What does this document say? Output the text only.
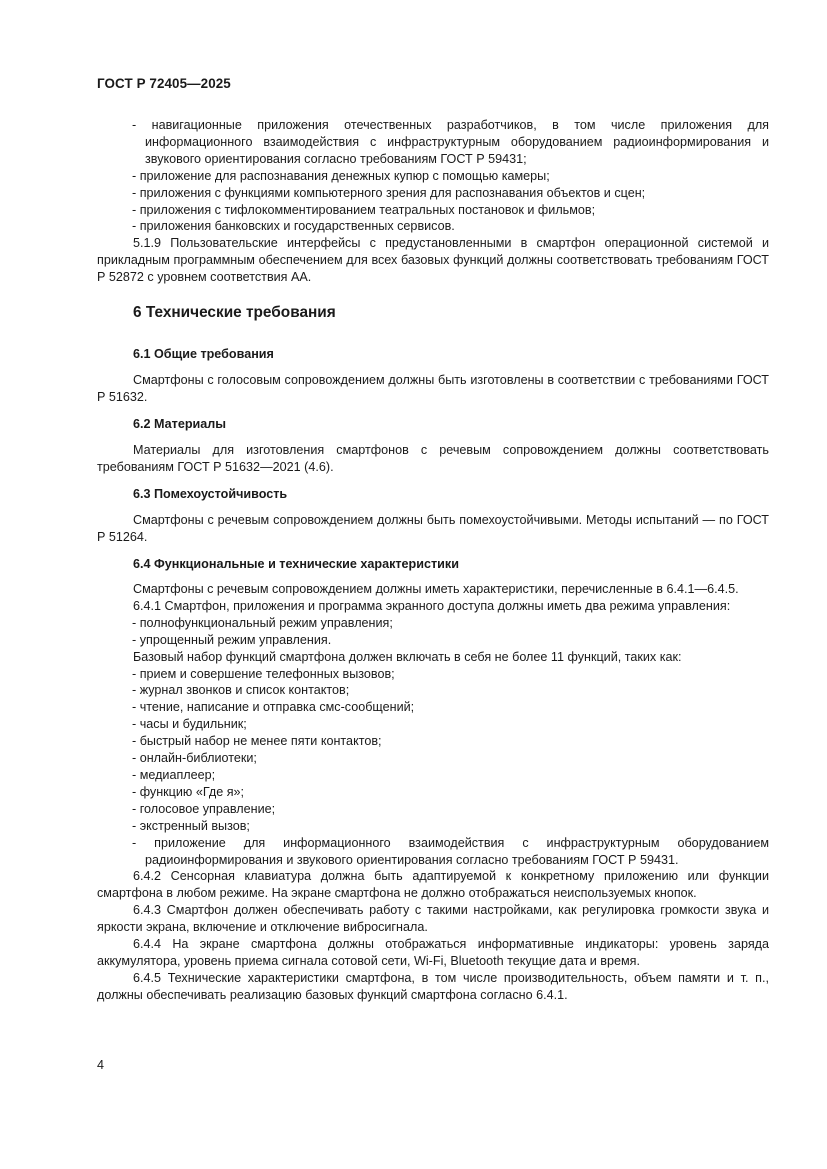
ГОСТ Р 72405—2025
- навигационные приложения отечественных разработчиков, в том числе приложения для информационного взаимодействия с инфраструктурным оборудованием радиоинформирования и звукового ориентирования согласно требованиям ГОСТ Р 59431;
- приложение для распознавания денежных купюр с помощью камеры;
- приложения с функциями компьютерного зрения для распознавания объектов и сцен;
- приложения с тифлокомментированием театральных постановок и фильмов;
- приложения банковских и государственных сервисов.
5.1.9 Пользовательские интерфейсы с предустановленными в смартфон операционной системой и прикладным программным обеспечением для всех базовых функций должны соответствовать требованиям ГОСТ Р 52872 с уровнем соответствия АА.
6 Технические требования
6.1 Общие требования
Смартфоны с голосовым сопровождением должны быть изготовлены в соответствии с требованиями ГОСТ Р 51632.
6.2 Материалы
Материалы для изготовления смартфонов с речевым сопровождением должны соответствовать требованиям ГОСТ Р 51632—2021 (4.6).
6.3 Помехоустойчивость
Смартфоны с речевым сопровождением должны быть помехоустойчивыми. Методы испытаний — по ГОСТ Р 51264.
6.4 Функциональные и технические характеристики
Смартфоны с речевым сопровождением должны иметь характеристики, перечисленные в 6.4.1—6.4.5.
6.4.1 Смартфон, приложения и программа экранного доступа должны иметь два режима управления:
- полнофункциональный режим управления;
- упрощенный режим управления.
Базовый набор функций смартфона должен включать в себя не более 11 функций, таких как:
- прием и совершение телефонных вызовов;
- журнал звонков и список контактов;
- чтение, написание и отправка смс-сообщений;
- часы и будильник;
- быстрый набор не менее пяти контактов;
- онлайн-библиотеки;
- медиаплеер;
- функцию «Где я»;
- голосовое управление;
- экстренный вызов;
- приложение для информационного взаимодействия с инфраструктурным оборудованием радиоинформирования и звукового ориентирования согласно требованиям ГОСТ Р 59431.
6.4.2 Сенсорная клавиатура должна быть адаптируемой к конкретному приложению или функции смартфона в любом режиме. На экране смартфона не должно отображаться неиспользуемых кнопок.
6.4.3 Смартфон должен обеспечивать работу с такими настройками, как регулировка громкости звука и яркости экрана, включение и отключение вибросигнала.
6.4.4 На экране смартфона должны отображаться информативные индикаторы: уровень заряда аккумулятора, уровень приема сигнала сотовой сети, Wi-Fi, Bluetooth текущие дата и время.
6.4.5 Технические характеристики смартфона, в том числе производительность, объем памяти и т. п., должны обеспечивать реализацию базовых функций смартфона согласно 6.4.1.
4
